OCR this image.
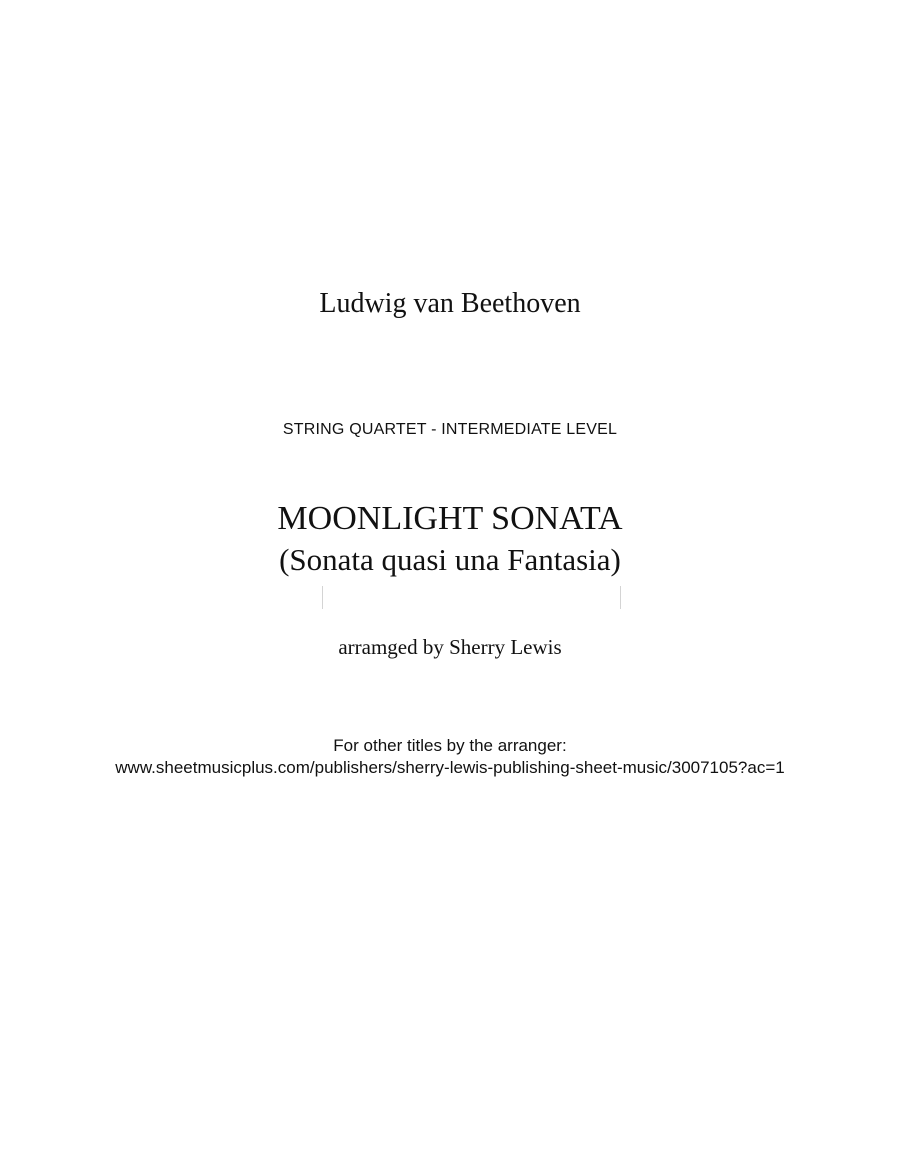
Ludwig van Beethoven
STRING QUARTET - INTERMEDIATE LEVEL
MOONLIGHT SONATA
(Sonata quasi una Fantasia)
arramged by Sherry Lewis
For other titles by the arranger:
www.sheetmusicplus.com/publishers/sherry-lewis-publishing-sheet-music/3007105?ac=1
